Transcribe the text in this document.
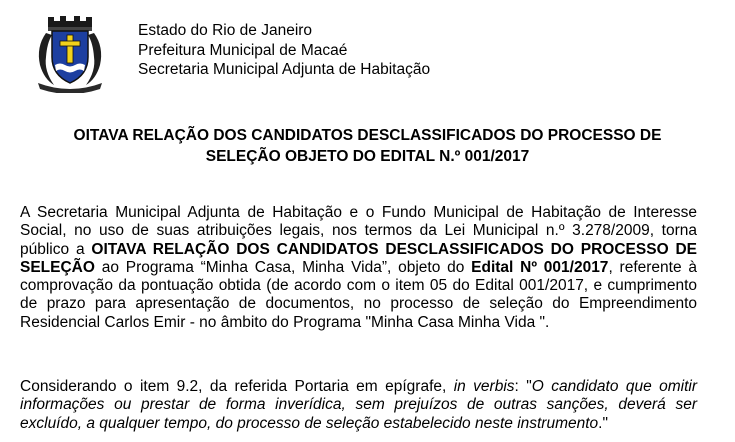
Estado do Rio de Janeiro
Prefeitura Municipal de Macaé
Secretaria Municipal Adjunta de Habitação
OITAVA RELAÇÃO DOS CANDIDATOS DESCLASSIFICADOS DO PROCESSO DE
SELEÇÃO OBJETO DO EDITAL N.º 001/2017
A Secretaria Municipal Adjunta de Habitação e o Fundo Municipal de Habitação de Interesse Social, no uso de suas atribuições legais, nos termos da Lei Municipal n.º 3.278/2009, torna público a OITAVA RELAÇÃO DOS CANDIDATOS DESCLASSIFICADOS DO PROCESSO DE SELEÇÃO ao Programa “Minha Casa, Minha Vida”, objeto do Edital Nº 001/2017, referente à comprovação da pontuação obtida (de acordo com o item 05 do Edital 001/2017, e cumprimento de prazo para apresentação de documentos, no processo de seleção do Empreendimento Residencial Carlos Emir - no âmbito do Programa "Minha Casa Minha Vida ".
Considerando o item 9.2, da referida Portaria em epígrafe, in verbis: "O candidato que omitir informações ou prestar de forma inverídica, sem prejuízos de outras sanções, deverá ser excluído, a qualquer tempo, do processo de seleção estabelecido neste instrumento."
